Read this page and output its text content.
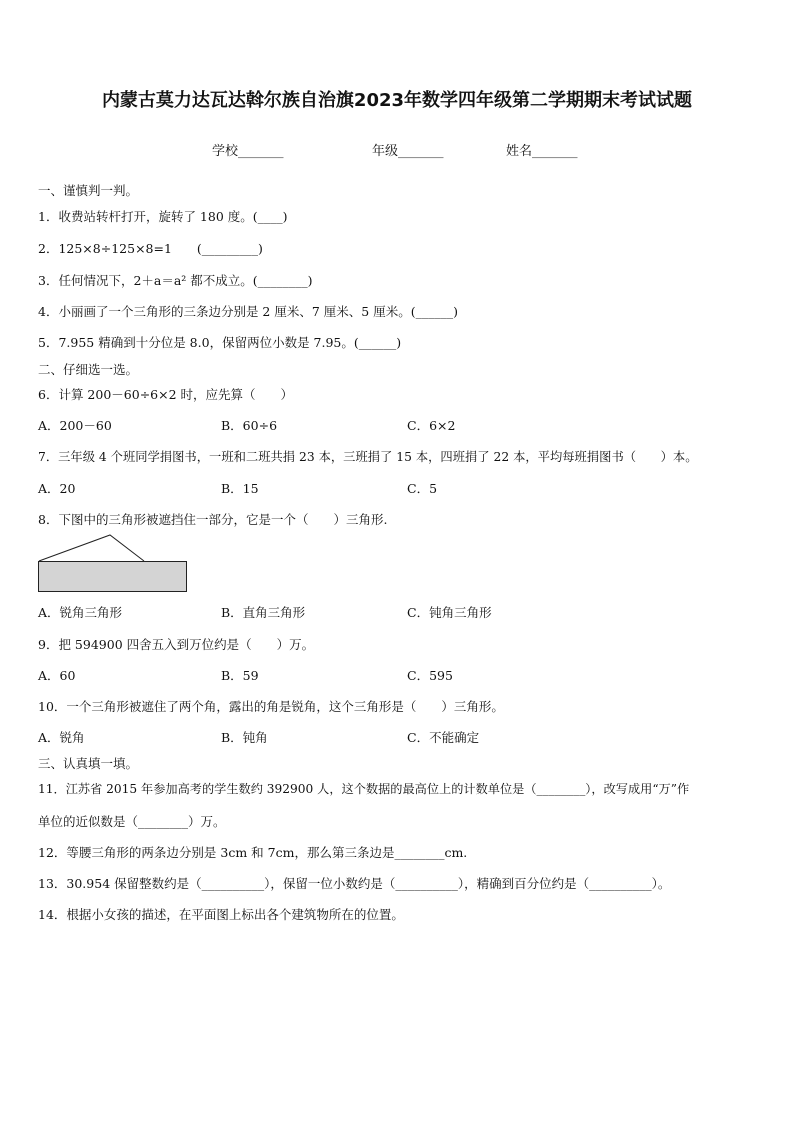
内蒙古莫力达瓦达斡尔族自治旗2023年数学四年级第二学期期末考试试题
学校_______	年级_______	姓名_______
一、谨慎判一判。
1．收费站转杆打开，旋转了 180 度。(____)
2．125×8÷125×8=1　　(_________)
3．任何情况下，2＋a＝a² 都不成立。(________)
4．小丽画了一个三角形的三条边分别是 2 厘米、7 厘米、5 厘米。(______)
5．7.955 精确到十分位是 8.0，保留两位小数是 7.95。(______)
二、仔细选一选。
6．计算 200－60÷6×2 时，应先算（　　）
A．200－60	B．60÷6	C．6×2
7．三年级 4 个班同学捐图书，一班和二班共捐 23 本，三班捐了 15 本，四班捐了 22 本，平均每班捐图书（　　）本。
A．20	B．15	C．5
8．下图中的三角形被遮挡住一部分，它是一个（　　）三角形.
A．锐角三角形	B．直角三角形	C．钝角三角形
9．把 594900 四舍五入到万位约是（　　）万。
A．60	B．59	C．595
10．一个三角形被遮住了两个角，露出的角是锐角，这个三角形是（　　）三角形。
A．锐角	B．钝角	C．不能确定
三、认真填一填。
11．江苏省 2015 年参加高考的学生数约 392900 人，这个数据的最高位上的计数单位是（________），改写成用“万”作
单位的近似数是（________）万。
12．等腰三角形的两条边分别是 3cm 和 7cm，那么第三条边是________cm.
13．30.954 保留整数约是（__________），保留一位小数约是（__________），精确到百分位约是（__________）。
14．根据小女孩的描述，在平面图上标出各个建筑物所在的位置。
